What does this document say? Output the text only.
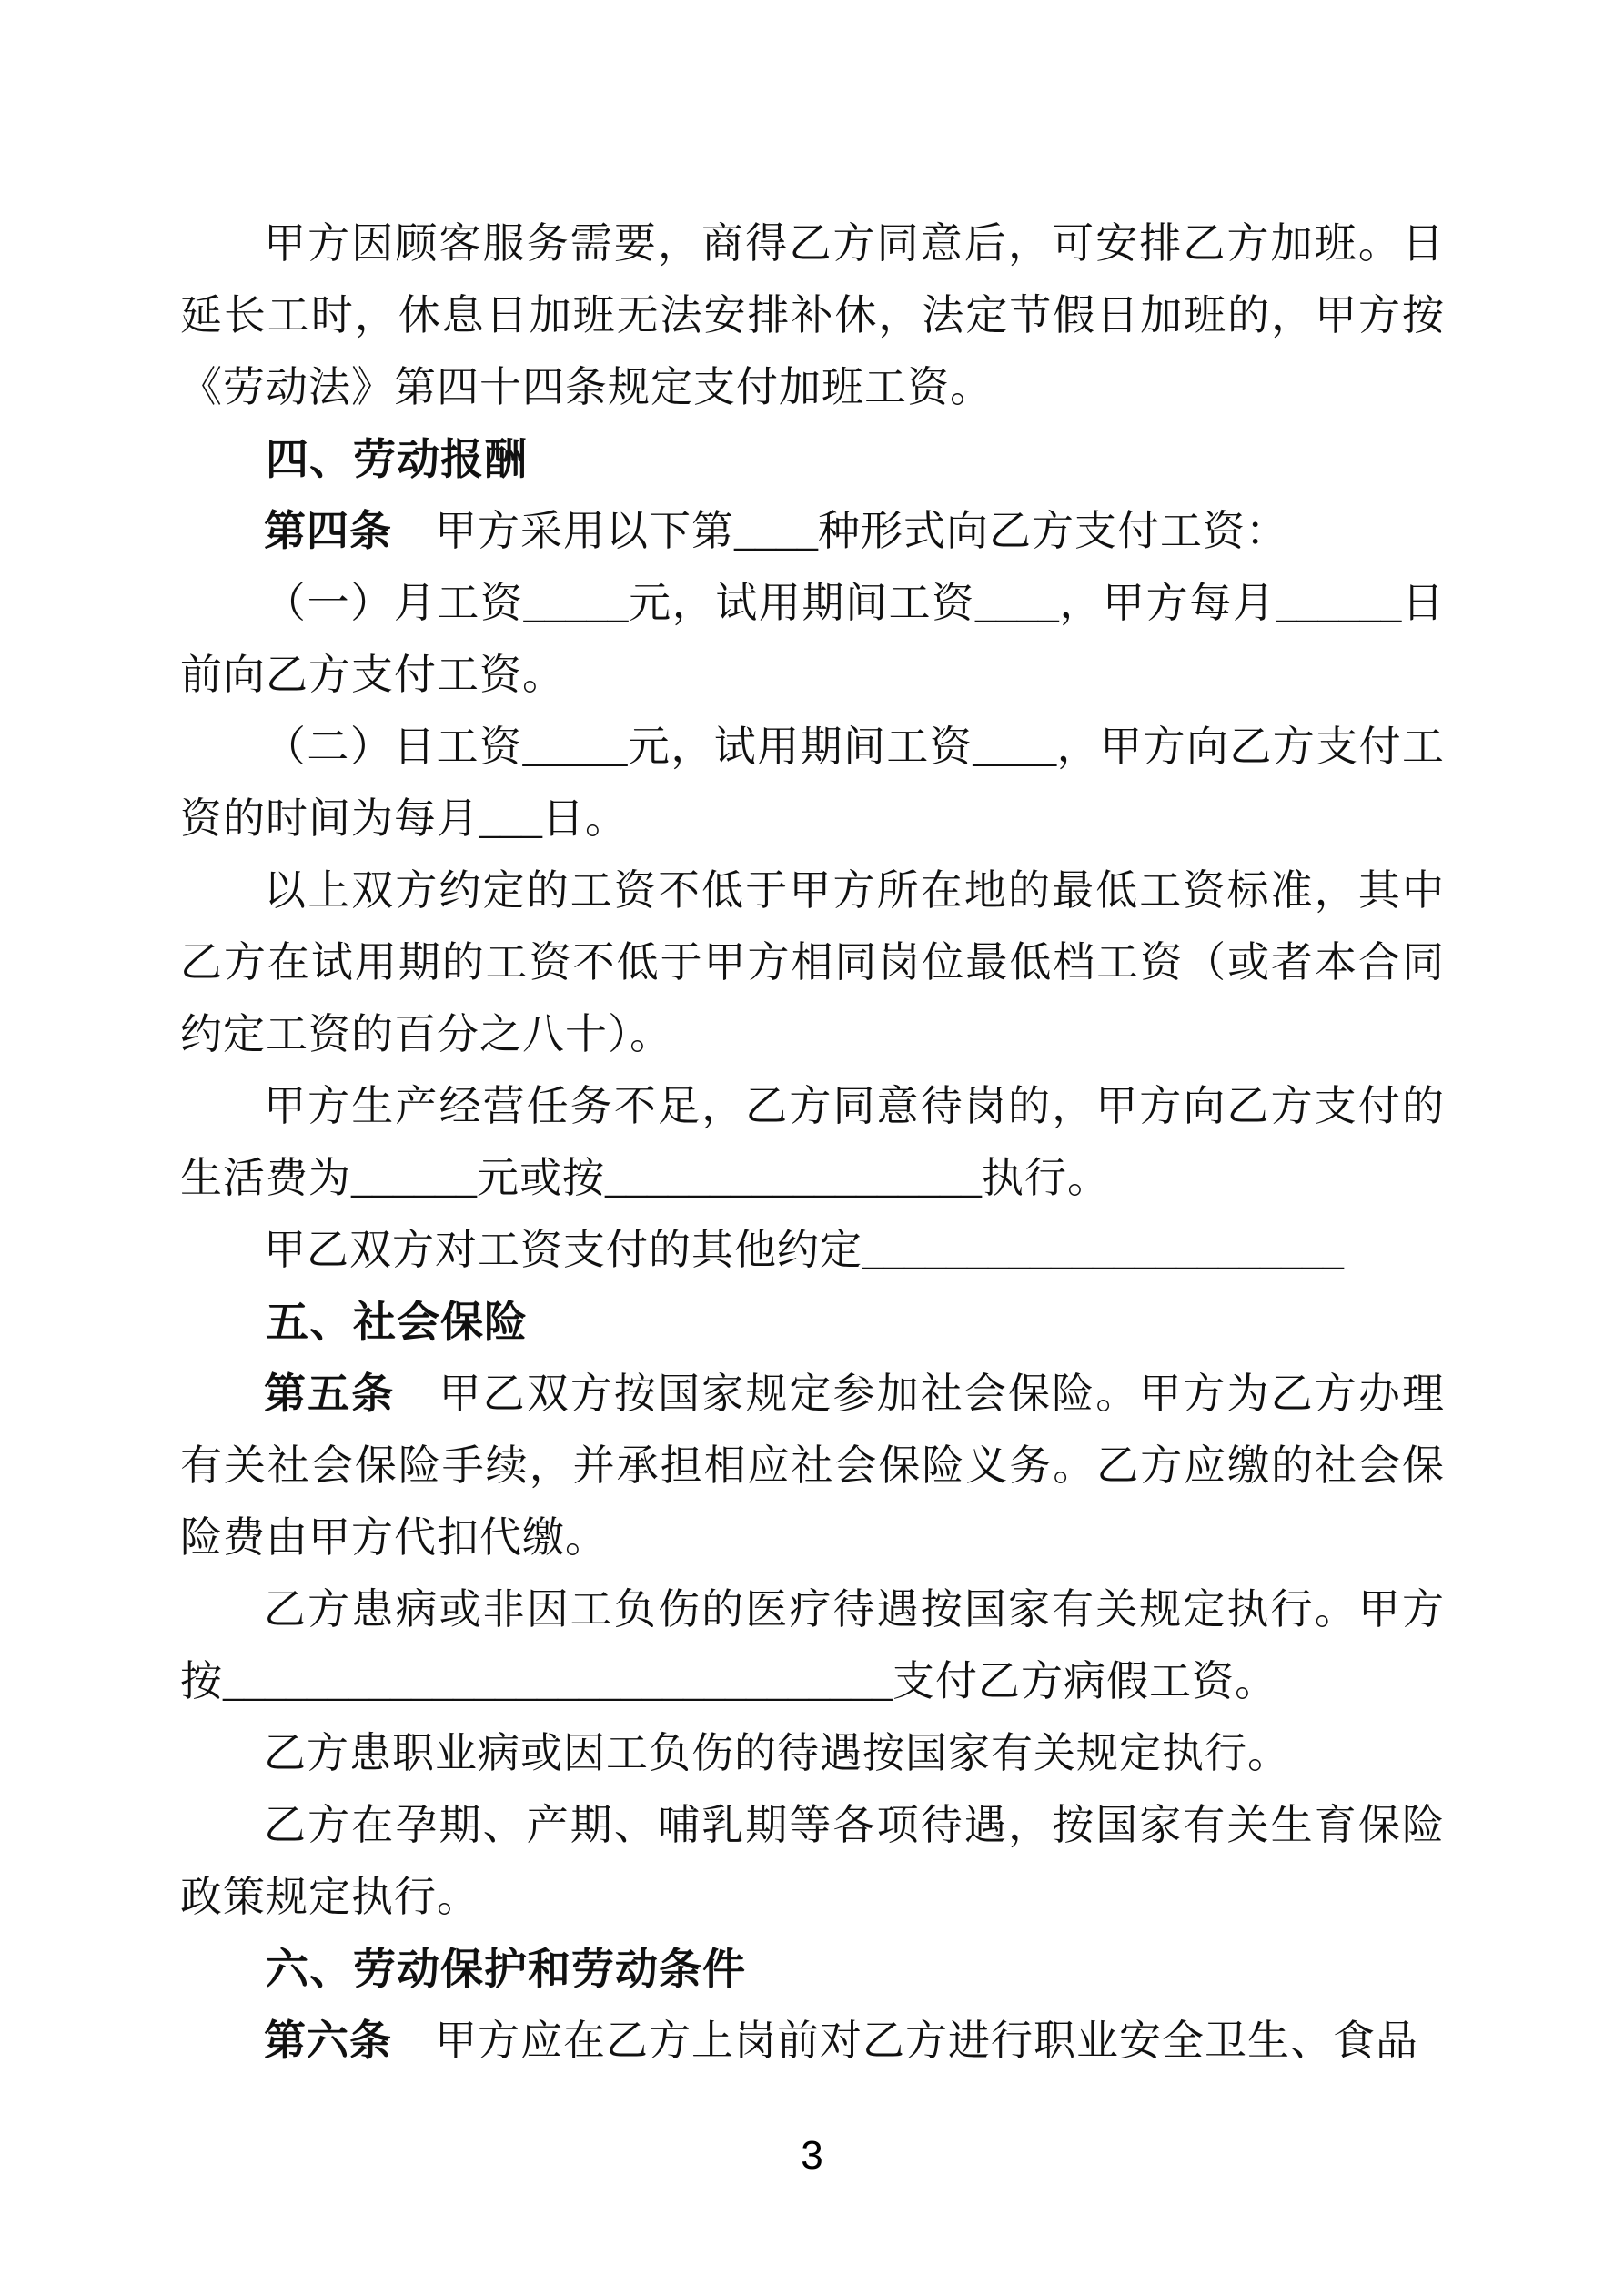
甲方因顾客服务需要，商得乙方同意后，可安排乙方加班。日延长工时，休息日加班无法安排补休，法定节假日加班的，甲方按《劳动法》第四十四条规定支付加班工资。
四、劳动报酬
第四条　甲方采用以下第____种形式向乙方支付工资：
（一）月工资_____元，试用期间工资____，甲方每月______日前向乙方支付工资。
（二）日工资_____元，试用期间工资____，甲方向乙方支付工资的时间为每月___日。
以上双方约定的工资不低于甲方所在地的最低工资标准，其中乙方在试用期的工资不低于甲方相同岗位最低档工资（或者本合同约定工资的百分之八十）。
甲方生产经营任务不足，乙方同意待岗的，甲方向乙方支付的生活费为______元或按__________________执行。
甲乙双方对工资支付的其他约定_______________________
五、社会保险
第五条　甲乙双方按国家规定参加社会保险。甲方为乙方办理有关社会保险手续，并承担相应社会保险义务。乙方应缴的社会保险费由甲方代扣代缴。
乙方患病或非因工负伤的医疗待遇按国家有关规定执行。甲方按________________________________支付乙方病假工资。
乙方患职业病或因工负伤的待遇按国家有关规定执行。
乙方在孕期、产期、哺乳期等各项待遇，按国家有关生育保险政策规定执行。
六、劳动保护和劳动条件
第六条　甲方应在乙方上岗前对乙方进行职业安全卫生、食品
3
